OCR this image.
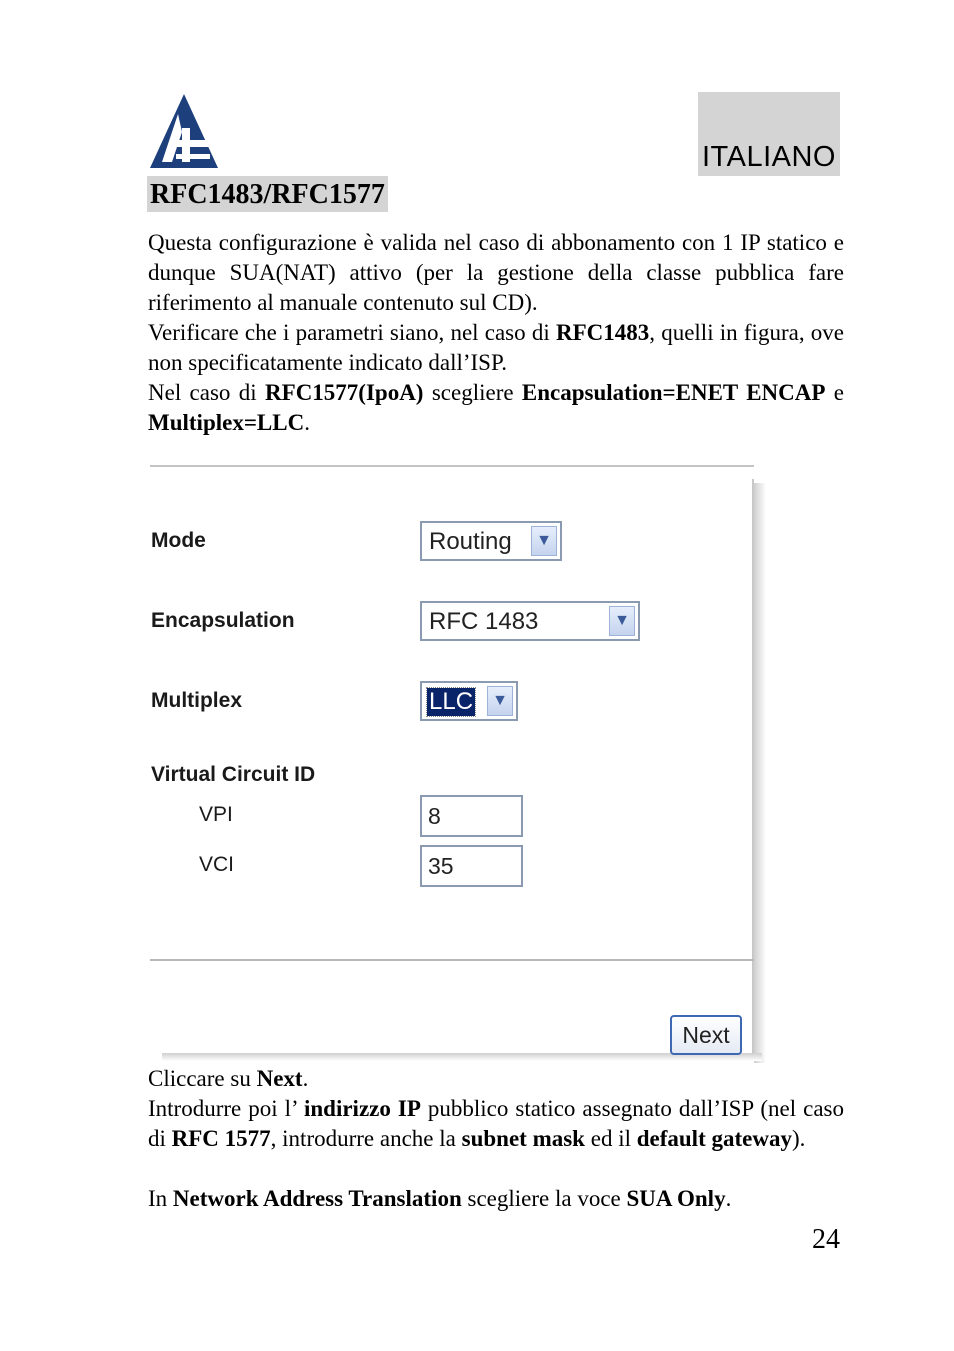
ITALIANO
RFC1483/RFC1577

Questa configurazione è valida nel caso di abbonamento con 1 IP statico e dunque SUA(NAT) attivo (per la gestione della classe pubblica fare riferimento al manuale contenuto sul CD).

Verificare che i parametri siano, nel caso di RFC1483, quelli in figura, ove non specificatamente indicato dall’ISP.

Nel caso di RFC1577(IpoA) scegliere Encapsulation=ENET ENCAP e Multiplex=LLC.

Mode	Routing	▼
Encapsulation	RFC 1483	▼
Multiplex	LLC	▼
Virtual Circuit ID
VPI	8
VCI	35
Next

Cliccare su Next.

Introdurre poi l’ indirizzo IP pubblico statico assegnato dall’ISP (nel caso di RFC 1577, introdurre anche la subnet mask ed il default gateway).

In Network Address Translation scegliere la voce SUA Only.

24
